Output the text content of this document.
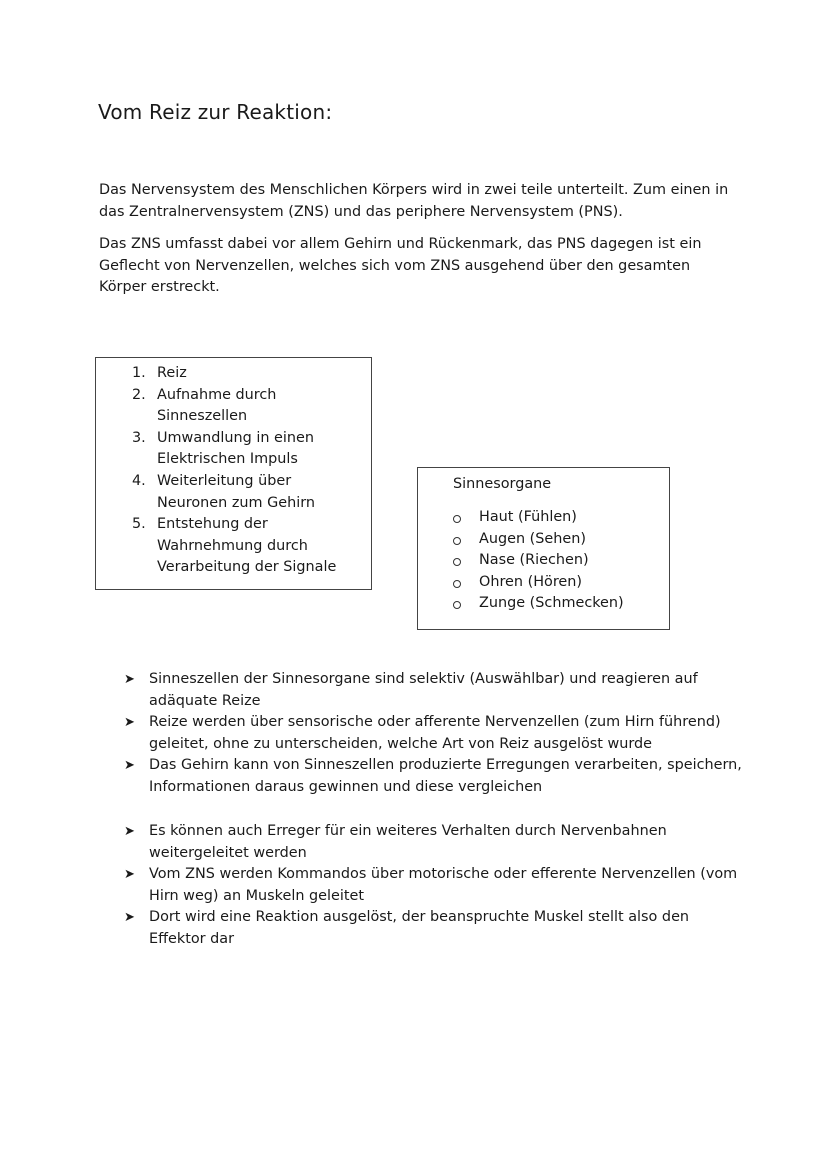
Vom Reiz zur Reaktion:

Das Nervensystem des Menschlichen Körpers wird in zwei teile unterteilt. Zum einen in das Zentralnervensystem (ZNS) und das periphere Nervensystem (PNS).

Das ZNS umfasst dabei vor allem Gehirn und Rückenmark, das PNS dagegen ist ein Geflecht von Nervenzellen, welches sich vom ZNS ausgehend über den gesamten Körper erstreckt.

1. Reiz
2. Aufnahme durch Sinneszellen
3. Umwandlung in einen Elektrischen Impuls
4. Weiterleitung über Neuronen zum Gehirn
5. Entstehung der Wahrnehmung durch Verarbeitung der Signale
Sinnesorgane
Haut (Fühlen)
Augen (Sehen)
Nase (Riechen)
Ohren (Hören)
Zunge (Schmecken)
➤ Sinneszellen der Sinnesorgane sind selektiv (Auswählbar) und reagieren auf adäquate Reize
➤ Reize werden über sensorische oder afferente Nervenzellen (zum Hirn führend) geleitet, ohne zu unterscheiden, welche Art von Reiz ausgelöst wurde
➤ Das Gehirn kann von Sinneszellen produzierte Erregungen verarbeiten, speichern, Informationen daraus gewinnen und diese vergleichen
➤ Es können auch Erreger für ein weiteres Verhalten durch Nervenbahnen weitergeleitet werden
➤ Vom ZNS werden Kommandos über motorische oder efferente Nervenzellen (vom Hirn weg) an Muskeln geleitet
➤ Dort wird eine Reaktion ausgelöst, der beanspruchte Muskel stellt also den Effektor dar
